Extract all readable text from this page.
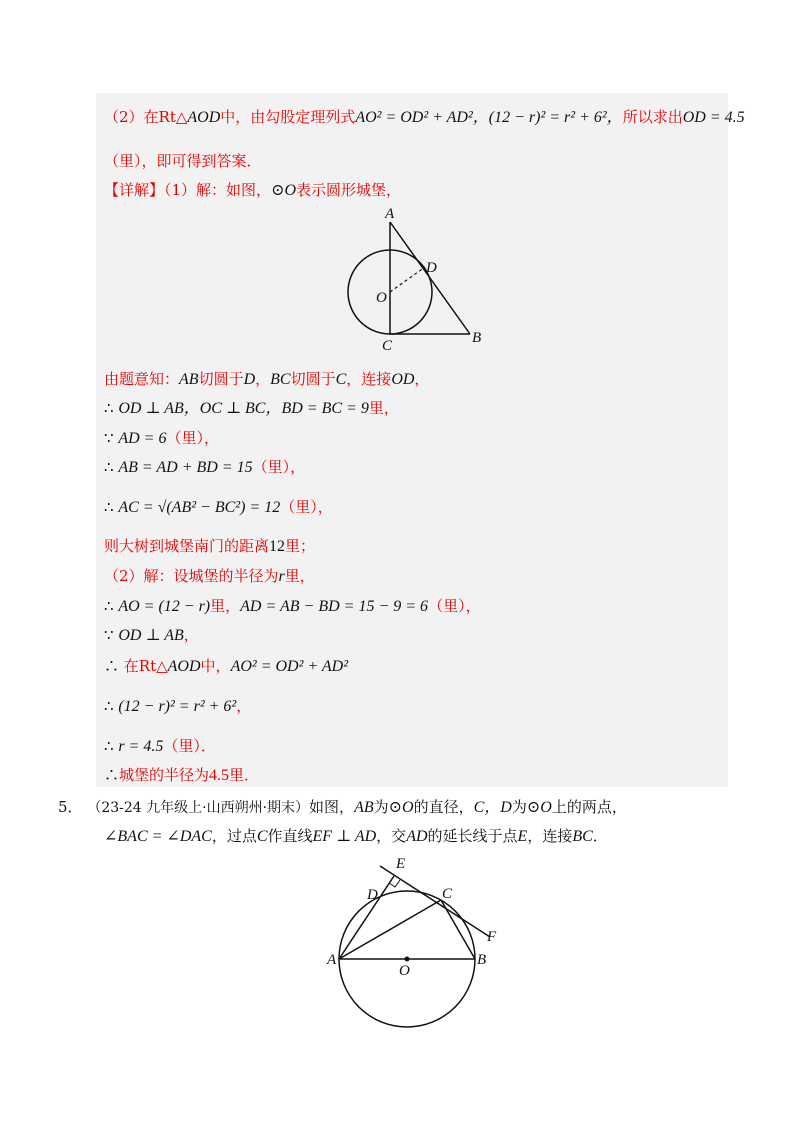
（2）在Rt△AOD中，由勾股定理列式AO² = OD² + AD²，(12 − r)² = r² + 6²，所以求出OD = 4.5
（里），即可得到答案．
【详解】（1）解：如图，⊙O表示圆形城堡，
A
D
O
C	B
由题意知：AB切圆于D，BC切圆于C，连接OD，
∴ OD ⊥ AB，OC ⊥ BC，BD = BC = 9里，
∵ AD = 6（里），
∴ AB = AD + BD = 15（里），
∴ AC = √(AB² − BC²) = 12（里），
则大树到城堡南门的距离12里；
（2）解：设城堡的半径为r里，
∴ AO = (12 − r)里，AD = AB − BD = 15 − 9 = 6（里），
∵ OD ⊥ AB，
∴ 在Rt△AOD中，AO² = OD² + AD²
∴ (12 − r)² = r² + 6²，
∴ r = 4.5（里）．
∴城堡的半径为4.5里．
5． （23-24 九年级上·山西朔州·期末）如图，AB为⊙O的直径，C，D为⊙O上的两点，
∠BAC = ∠DAC，过点C作直线EF ⊥ AD，交AD的延长线于点E，连接BC．
E
D	C
F
A
O
B
